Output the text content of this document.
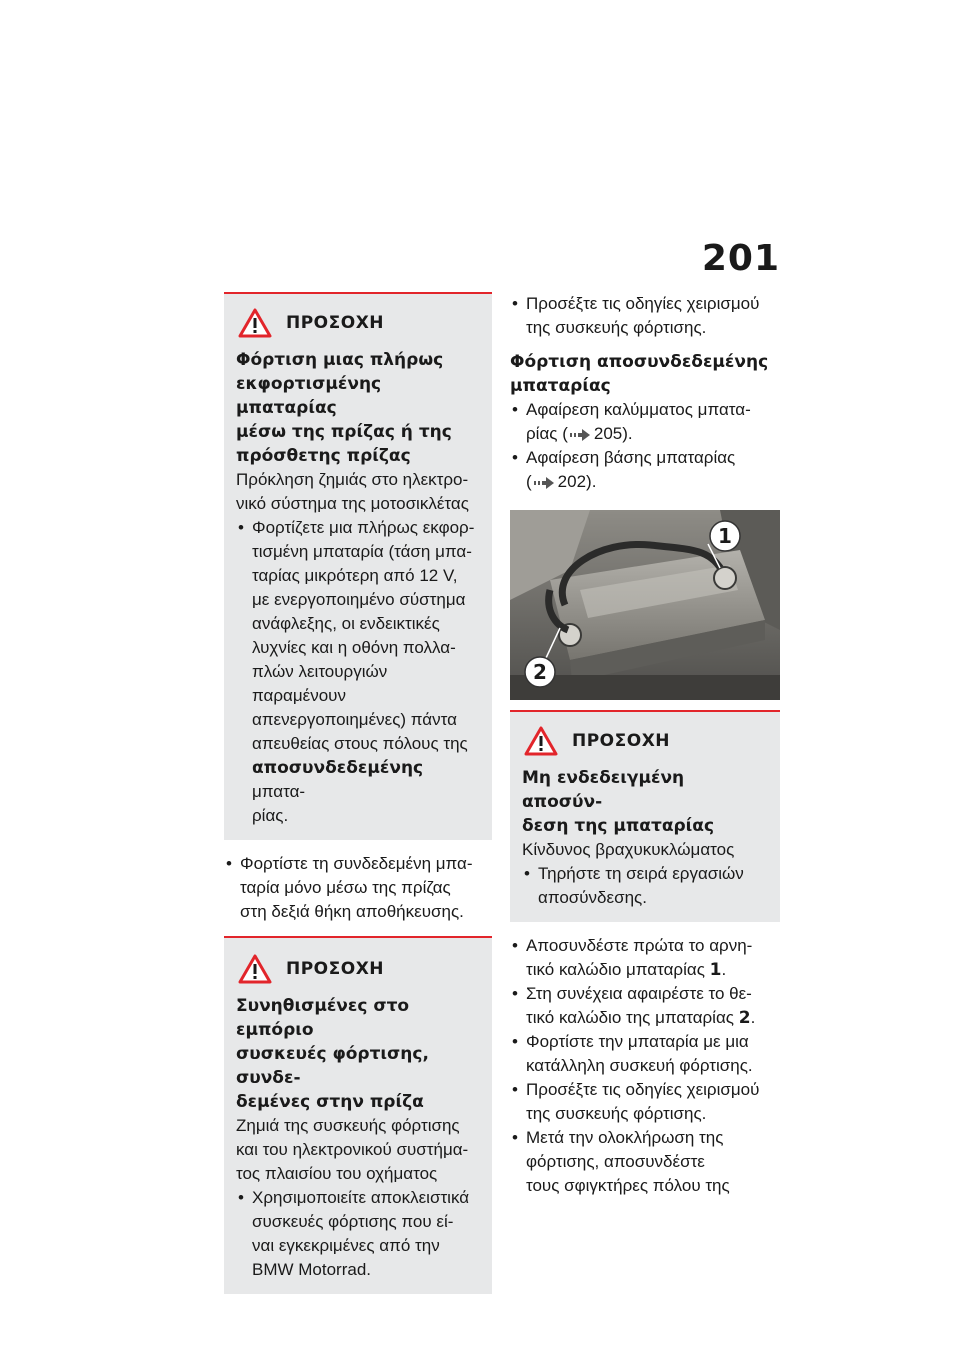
201
ΠΡΟΣΟΧΗ
Φόρτιση μιας πλήρως
εκφορτισμένης μπαταρίας
μέσω της πρίζας ή της
πρόσθετης πρίζας
Πρόκληση ζημιάς στο ηλεκτρο-
νικό σύστημα της μοτοσικλέτας
• Φορτίζετε μια πλήρως εκφορ-
τισμένη μπαταρία (τάση μπα-
ταρίας μικρότερη από 12 V,
με ενεργοποιημένο σύστημα
ανάφλεξης, οι ενδεικτικές
λυχνίες και η οθόνη πολλα-
πλών λειτουργιών παραμένουν
απενεργοποιημένες) πάντα
απευθείας στους πόλους της
αποσυνδεδεμένης μπατα-
ρίας.
• Φορτίστε τη συνδεδεμένη μπα-
ταρία μόνο μέσω της πρίζας
στη δεξιά θήκη αποθήκευσης.
ΠΡΟΣΟΧΗ
Συνηθισμένες στο εμπόριο
συσκευές φόρτισης, συνδε-
δεμένες στην πρίζα
Ζημιά της συσκευής φόρτισης
και του ηλεκτρονικού συστήμα-
τος πλαισίου του οχήματος
• Χρησιμοποιείτε αποκλειστικά
συσκευές φόρτισης που εί-
ναι εγκεκριμένες από την
BMW Motorrad.
• Προσέξτε τις οδηγίες χειρισμού
της συσκευής φόρτισης.
Φόρτιση αποσυνδεδεμένης
μπαταρίας
• Αφαίρεση καλύμματος μπατα-
ρίας ( 205).
• Αφαίρεση βάσης μπαταρίας
( 202).
1
2
ΠΡΟΣΟΧΗ
Μη ενδεδειγμένη αποσύν-
δεση της μπαταρίας
Κίνδυνος βραχυκυκλώματος
• Τηρήστε τη σειρά εργασιών
αποσύνδεσης.
• Αποσυνδέστε πρώτα το αρνη-
τικό καλώδιο μπαταρίας 1.
• Στη συνέχεια αφαιρέστε το θε-
τικό καλώδιο της μπαταρίας 2.
• Φορτίστε την μπαταρία με μια
κατάλληλη συσκευή φόρτισης.
• Προσέξτε τις οδηγίες χειρισμού
της συσκευής φόρτισης.
• Μετά την ολοκλήρωση της
φόρτισης, αποσυνδέστε
τους σφιγκτήρες πόλου της
